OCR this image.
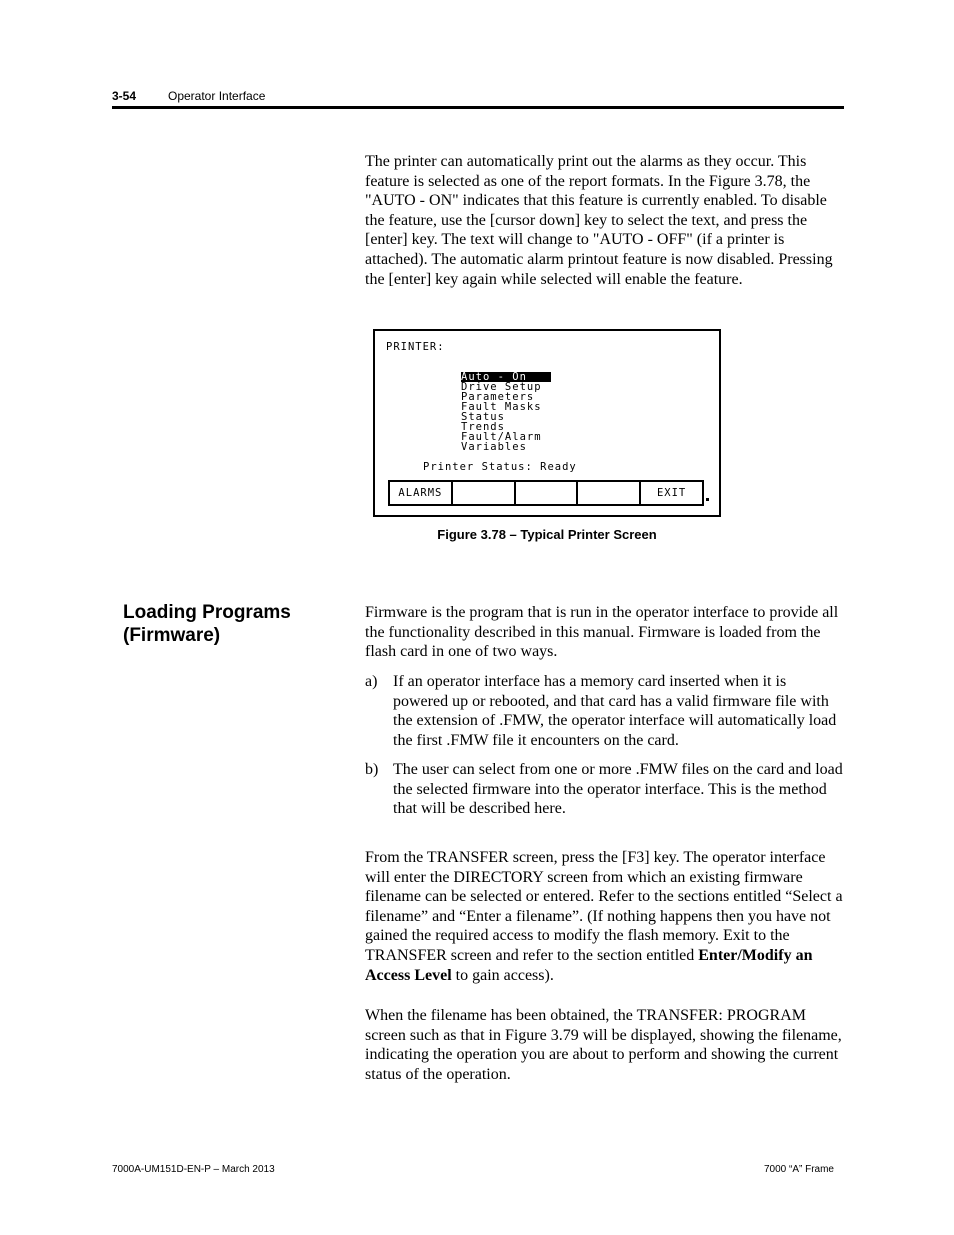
3-54	Operator Interface

The printer can automatically print out the alarms as they occur. This feature is selected as one of the report formats. In the Figure 3.78, the "AUTO - ON" indicates that this feature is currently enabled. To disable the feature, use the [cursor down] key to select the text, and press the [enter] key. The text will change to "AUTO - OFF" (if a printer is attached). The automatic alarm printout feature is now disabled. Pressing the [enter] key again while selected will enable the feature.

PRINTER:
Auto - On
Drive Setup
Parameters
Fault Masks
Status
Trends
Fault/Alarm
Variables
Printer Status: Ready
ALARMS	EXIT
Figure 3.78 – Typical Printer Screen
Loading Programs (Firmware)

Firmware is the program that is run in the operator interface to provide all the functionality described in this manual. Firmware is loaded from the flash card in one of two ways.

a) If an operator interface has a memory card inserted when it is powered up or rebooted, and that card has a valid firmware file with the extension of .FMW, the operator interface will automatically load the first .FMW file it encounters on the card.
b) The user can select from one or more .FMW files on the card and load the selected firmware into the operator interface. This is the method that will be described here.

From the TRANSFER screen, press the [F3] key. The operator interface will enter the DIRECTORY screen from which an existing firmware filename can be selected or entered. Refer to the sections entitled “Select a filename” and “Enter a filename”. (If nothing happens then you have not gained the required access to modify the flash memory. Exit to the TRANSFER screen and refer to the section entitled Enter/Modify an Access Level to gain access).

When the filename has been obtained, the TRANSFER: PROGRAM screen such as that in Figure 3.79 will be displayed, showing the filename, indicating the operation you are about to perform and showing the current status of the operation.

7000A-UM151D-EN-P – March 2013	7000 “A” Frame
